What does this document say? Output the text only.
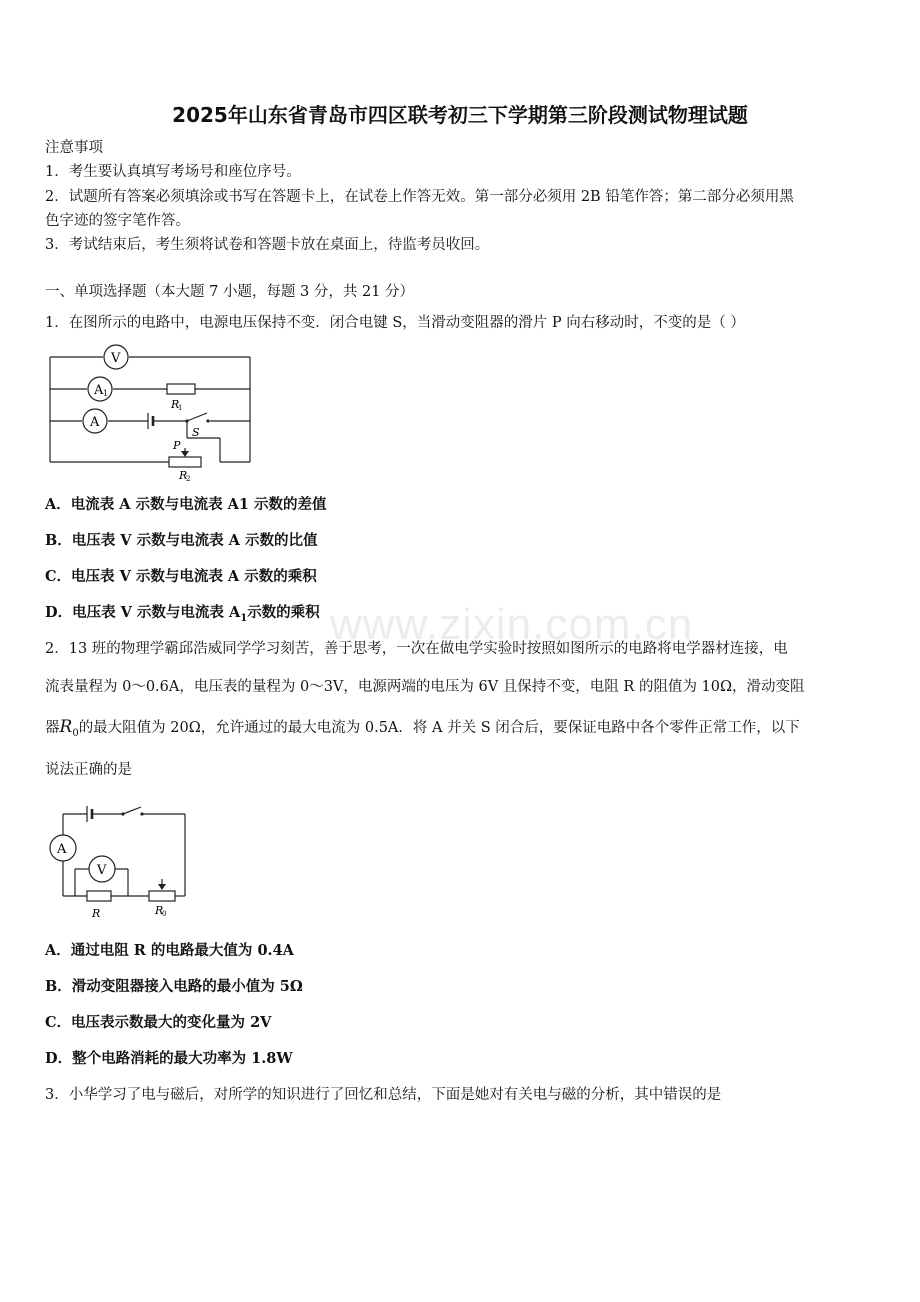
www.zixin.com.cn
2025年山东省青岛市四区联考初三下学期第三阶段测试物理试题
注意事项
1．考生要认真填写考场号和座位序号。
2．试题所有答案必须填涂或书写在答题卡上，在试卷上作答无效。第一部分必须用 2B 铅笔作答；第二部分必须用黑
色字迹的签字笔作答。
3．考试结束后，考生须将试卷和答题卡放在桌面上，待监考员收回。
一、单项选择题（本大题 7 小题，每题 3 分，共 21 分）
1．在图所示的电路中，电源电压保持不变．闭合电键 S，当滑动变阻器的滑片 P 向右移动时，不变的是（ ）
V
A 1
A
R
1
S
P
R
2
A．电流表 A 示数与电流表 A1 示数的差值
B．电压表 V 示数与电流表 A 示数的比值
C．电压表 V 示数与电流表 A 示数的乘积
D．电压表 V 示数与电流表 $A_1$示数的乘积
2．13 班的物理学霸邱浩威同学学习刻苦，善于思考，一次在做电学实验时按照如图所示的电路将电学器材连接，电
流表量程为 0～0.6A，电压表的量程为 0～3V，电源两端的电压为 6V 且保持不变，电阻 R 的阻值为 10Ω，滑动变阻
器$R_0$的最大阻值为 20Ω，允许通过的最大电流为 0.5A．将 A 并关 S 闭合后，要保证电路中各个零件正常工作，以下
说法正确的是
A
V
R	R
0
A．通过电阻 R 的电路最大值为 0.4A
B．滑动变阻器接入电路的最小值为 5Ω
C．电压表示数最大的变化量为 2V
D．整个电路消耗的最大功率为 1.8W
3．小华学习了电与磁后，对所学的知识进行了回忆和总结，下面是她对有关电与磁的分析，其中错误的是
